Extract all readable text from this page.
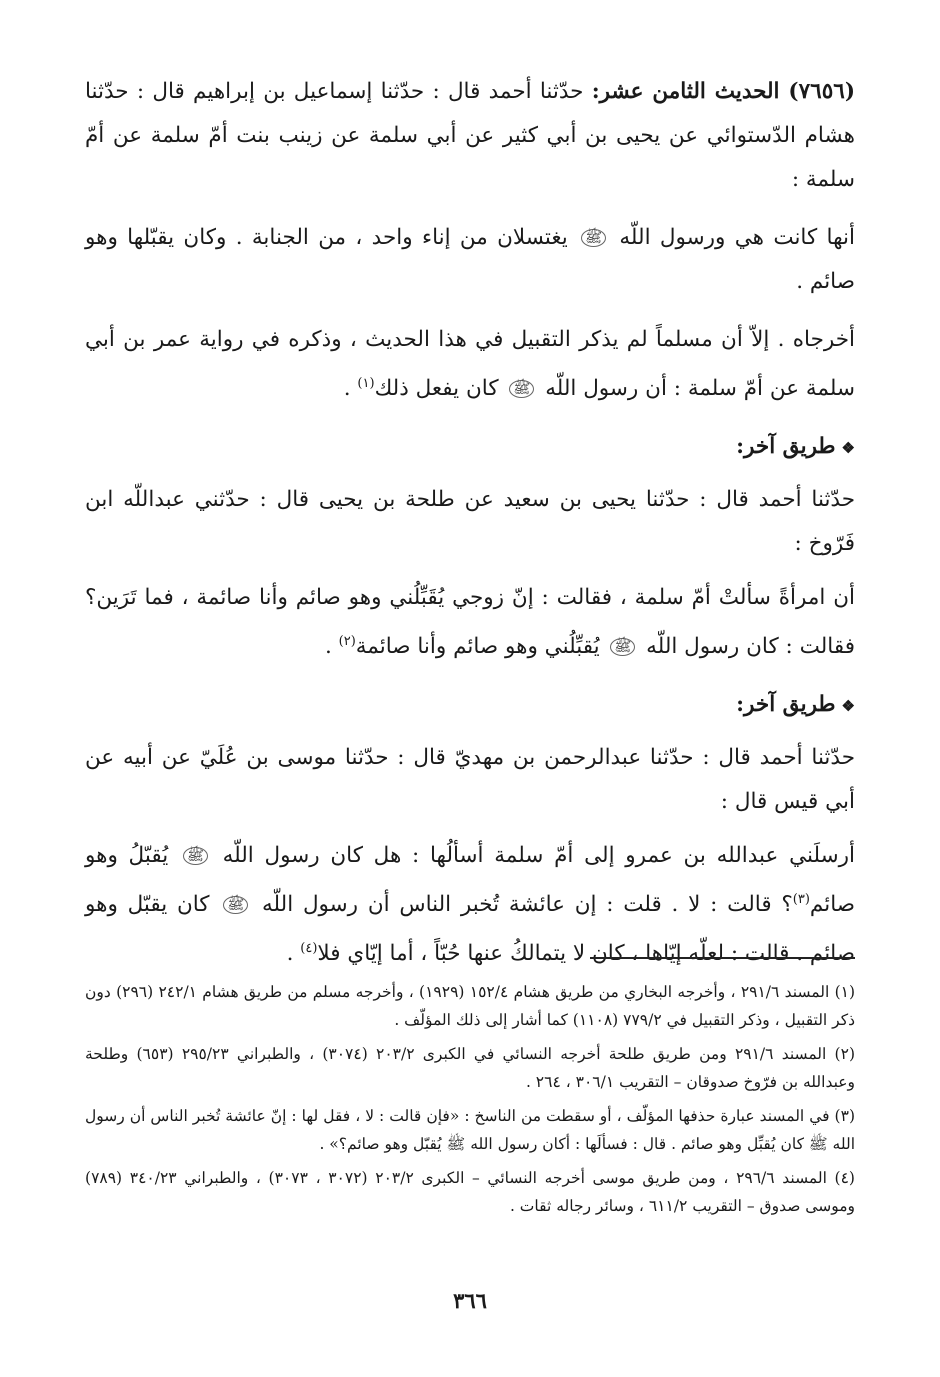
(٧٦٥٦) الحديث الثامن عشر: حدّثنا أحمد قال : حدّثنا إسماعيل بن إبراهيم قال : حدّثنا هشام الدّستوائي عن يحيى بن أبي كثير عن أبي سلمة عن زينب بنت أمّ سلمة عن أمّ سلمة :

أنها كانت هي ورسول اللّه ﷺ يغتسلان من إناء واحد ، من الجنابة . وكان يقبّلها وهو صائم .

أخرجاه . إلاّ أن مسلماً لم يذكر التقبيل في هذا الحديث ، وذكره في رواية عمر بن أبي سلمة عن أمّ سلمة : أن رسول اللّه ﷺ كان يفعل ذلك$^{(١)}$ .

❖طريق آخر:

حدّثنا أحمد قال : حدّثنا يحيى بن سعيد عن طلحة بن يحيى قال : حدّثني عبداللّه ابن فَرّوخ :

أن امرأةً سألتْ أمّ سلمة ، فقالت : إنّ زوجي يُقَبِّلُني وهو صائم وأنا صائمة ، فما تَرَين؟ فقالت : كان رسول اللّه ﷺ يُقبِّلُني وهو صائم وأنا صائمة$^{(٢)}$ .

❖طريق آخر:

حدّثنا أحمد قال : حدّثنا عبدالرحمن بن مهديّ قال : حدّثنا موسى بن عُلَيّ عن أبيه عن أبي قيس قال :

أرسلَني عبدالله بن عمرو إلى أمّ سلمة أسألُها : هل كان رسول اللّه ﷺ يُقبّلُ وهو صائم$^{(٣)}$؟ قالت : لا . قلت : إن عائشة تُخبر الناس أن رسول اللّه ﷺ كان يقبّل وهو صائم . قالت : لعلّه إيّاها ، كان لا يتمالكُ عنها حُبّاً ، أما إيّاي فلا$^{(٤)}$ .

(١) المسند ٢٩١/٦ ، وأخرجه البخاري من طريق هشام ١٥٢/٤ (١٩٢٩) ، وأخرجه مسلم من طريق هشام ٢٤٢/١ (٢٩٦) دون ذكر التقبيل ، وذكر التقبيل في ٧٧٩/٢ (١١٠٨) كما أشار إلى ذلك المؤلّف .

(٢) المسند ٢٩١/٦ ومن طريق طلحة أخرجه النسائي في الكبرى ٢٠٣/٢ (٣٠٧٤) ، والطبراني ٢٩٥/٢٣ (٦٥٣) وطلحة وعبدالله بن فرّوخ صدوقان – التقريب ٣٠٦/١ ، ٢٦٤ .

(٣) في المسند عبارة حذفها المؤلّف ، أو سقطت من الناسخ : «فإن قالت : لا ، فقل لها : إنّ عائشة تُخبر الناس أن رسول الله ﷺ كان يُقبِّل وهو صائم . قال : فسألَها : أكان رسول الله ﷺ يُقبّل وهو صائم؟» .

(٤) المسند ٢٩٦/٦ ، ومن طريق موسى أخرجه النسائي – الكبرى ٢٠٣/٢ (٣٠٧٢ ، ٣٠٧٣) ، والطبراني ٣٤٠/٢٣ (٧٨٩) وموسى صدوق – التقريب ٦١١/٢ ، وسائر رجاله ثقات .

٣٦٦
